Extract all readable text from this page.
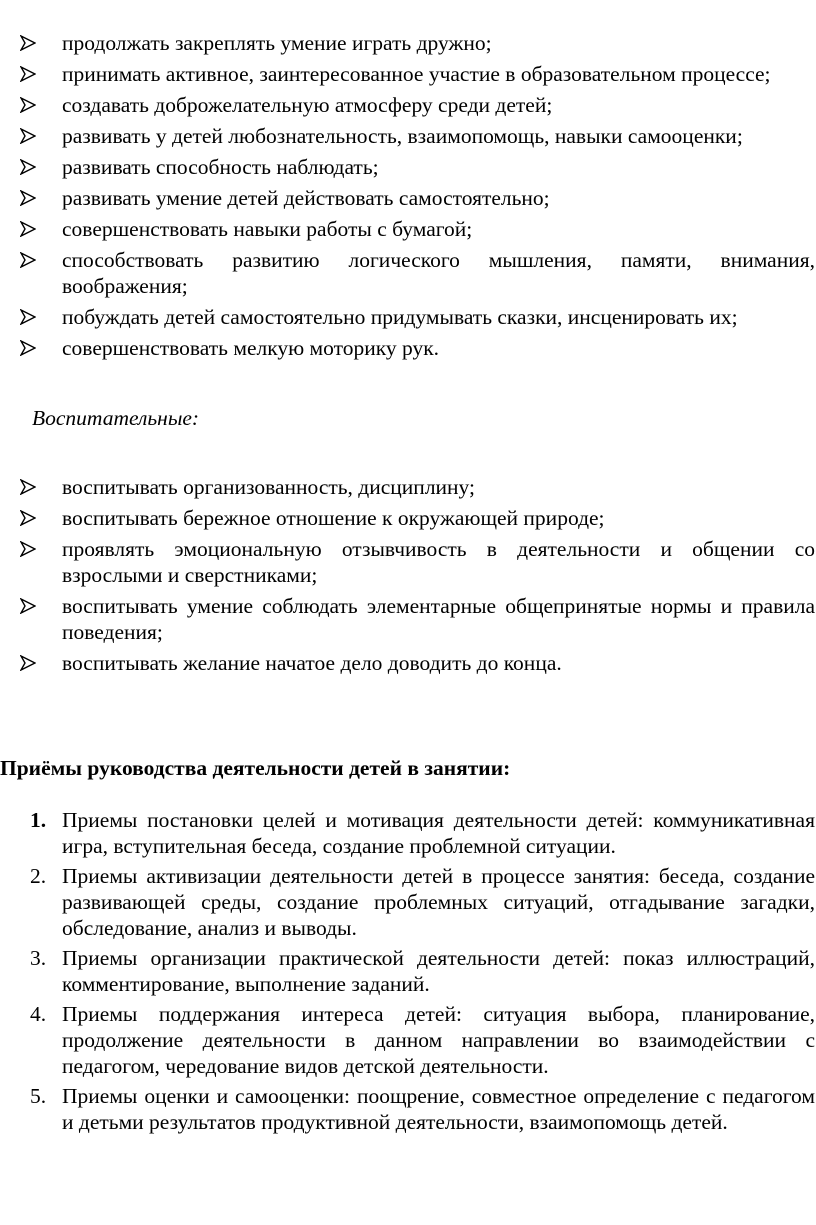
продолжать закреплять умение играть дружно;
принимать активное, заинтересованное участие в образовательном процессе;
создавать доброжелательную атмосферу среди детей;
развивать у детей любознательность, взаимопомощь, навыки самооценки;
развивать способность наблюдать;
развивать умение детей действовать самостоятельно;
совершенствовать навыки работы с бумагой;
способствовать развитию логического мышления, памяти, внимания, воображения;
побуждать детей самостоятельно придумывать сказки, инсценировать их;
совершенствовать мелкую моторику рук.

Воспитательные:

воспитывать организованность, дисциплину;
воспитывать бережное отношение к окружающей природе;
проявлять эмоциональную отзывчивость в деятельности и общении со взрослыми и сверстниками;
воспитывать умение соблюдать элементарные общепринятые нормы и правила поведения;
воспитывать желание начатое дело доводить до конца.
Приёмы руководства деятельности детей в занятии:
1. Приемы постановки целей и мотивация деятельности детей: коммуникативная игра, вступительная беседа, создание проблемной ситуации.
2. Приемы активизации деятельности детей в процессе занятия: беседа, создание развивающей среды, создание проблемных ситуаций, отгадывание загадки, обследование, анализ и выводы.
3. Приемы организации практической деятельности детей: показ иллюстраций, комментирование, выполнение заданий.
4. Приемы поддержания интереса детей: ситуация выбора, планирование, продолжение деятельности в данном направлении во взаимодействии с педагогом, чередование видов детской деятельности.
5. Приемы оценки и самооценки: поощрение, совместное определение с педагогом и детьми результатов продуктивной деятельности, взаимопомощь детей.
